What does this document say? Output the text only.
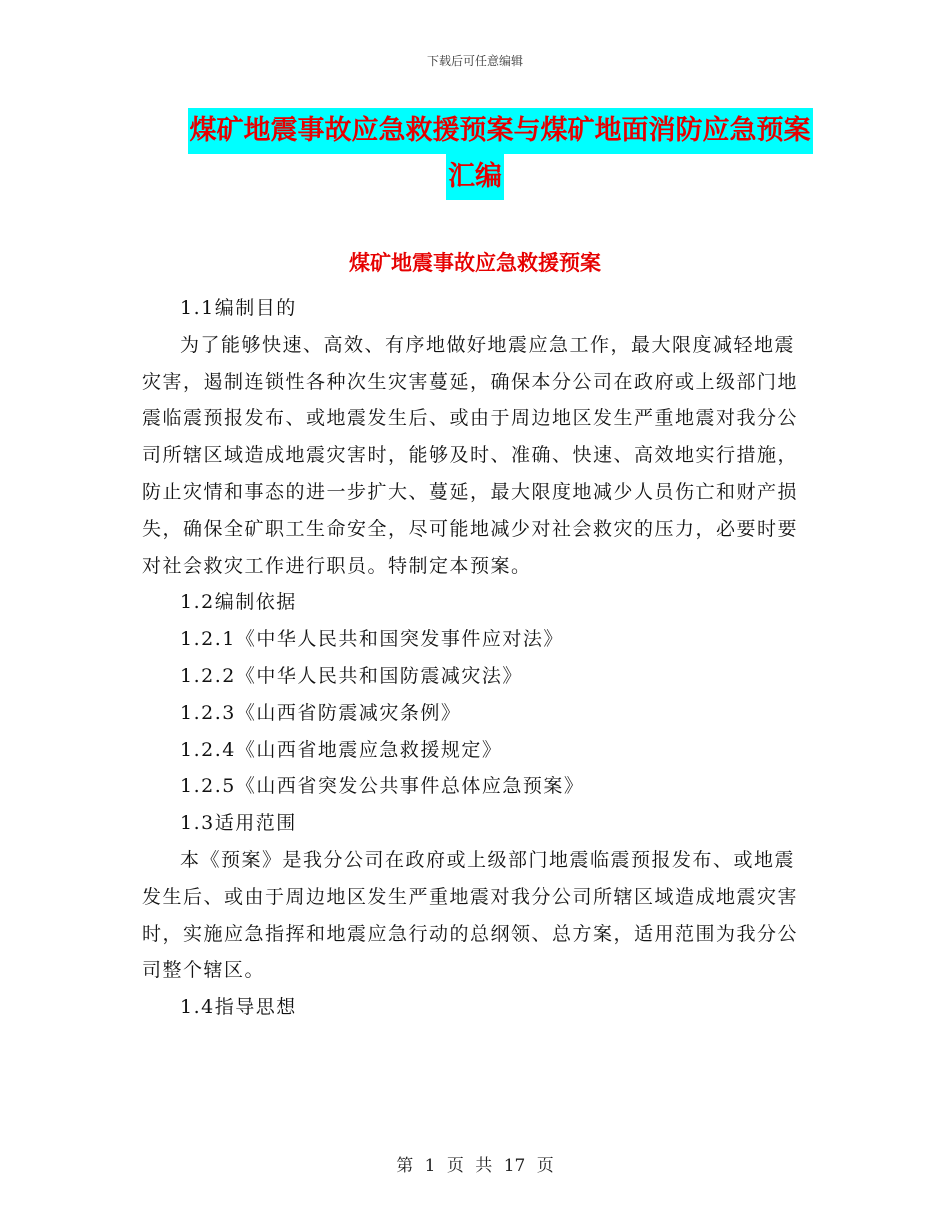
下载后可任意编辑
煤矿地震事故应急救援预案与煤矿地面消防应急预案
汇编
煤矿地震事故应急救援预案

1.1编制目的

为了能够快速、高效、有序地做好地震应急工作，最大限度减轻地震灾害，遏制连锁性各种次生灾害蔓延，确保本分公司在政府或上级部门地震临震预报发布、或地震发生后、或由于周边地区发生严重地震对我分公司所辖区域造成地震灾害时，能够及时、准确、快速、高效地实行措施，防止灾情和事态的进一步扩大、蔓延，最大限度地减少人员伤亡和财产损失，确保全矿职工生命安全，尽可能地减少对社会救灾的压力，必要时要对社会救灾工作进行职员。特制定本预案。

1.2编制依据

1.2.1《中华人民共和国突发事件应对法》

1.2.2《中华人民共和国防震减灾法》

1.2.3《山西省防震减灾条例》

1.2.4《山西省地震应急救援规定》

1.2.5《山西省突发公共事件总体应急预案》

1.3适用范围

本《预案》是我分公司在政府或上级部门地震临震预报发布、或地震发生后、或由于周边地区发生严重地震对我分公司所辖区域造成地震灾害时，实施应急指挥和地震应急行动的总纲领、总方案，适用范围为我分公司整个辖区。

1.4指导思想

第 1 页 共 17 页
